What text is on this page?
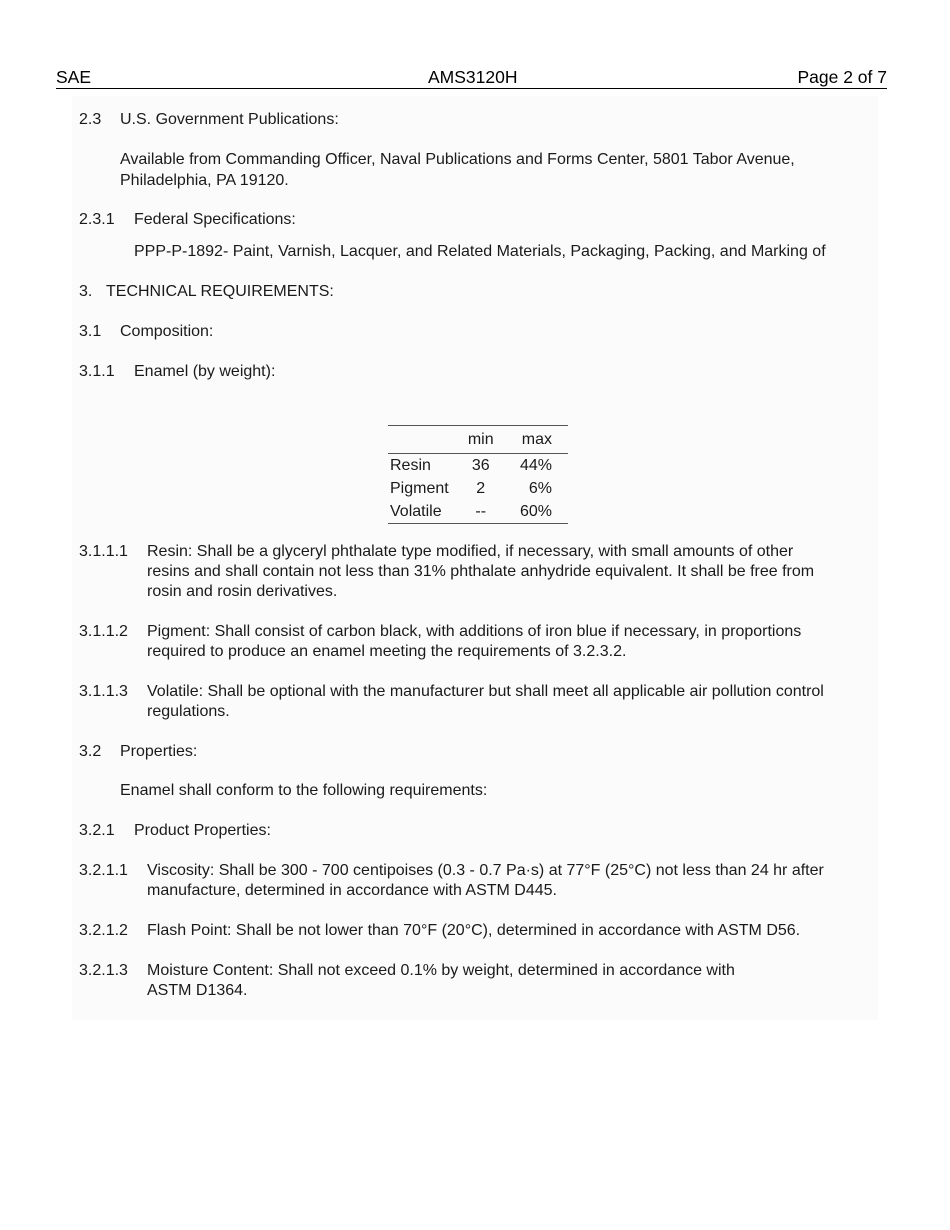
SAE	AMS3120H	Page 2 of 7
2.3 U.S. Government Publications:
Available from Commanding Officer, Naval Publications and Forms Center, 5801 Tabor Avenue,
Philadelphia, PA 19120.
2.3.1 Federal Specifications:
PPP-P-1892- Paint, Varnish, Lacquer, and Related Materials, Packaging, Packing, and Marking of
3. TECHNICAL REQUIREMENTS:
3.1 Composition:
3.1.1 Enamel (by weight):
	min	max
Resin	36	44%
Pigment	2	6%
Volatile	--	60%
3.1.1.1 Resin: Shall be a glyceryl phthalate type modified, if necessary, with small amounts of other
resins and shall contain not less than 31% phthalate anhydride equivalent. It shall be free from
rosin and rosin derivatives.
3.1.1.2 Pigment: Shall consist of carbon black, with additions of iron blue if necessary, in proportions
required to produce an enamel meeting the requirements of 3.2.3.2.
3.1.1.3 Volatile: Shall be optional with the manufacturer but shall meet all applicable air pollution control
regulations.
3.2 Properties:
Enamel shall conform to the following requirements:
3.2.1 Product Properties:
3.2.1.1 Viscosity: Shall be 300 - 700 centipoises (0.3 - 0.7 Pa·s) at 77°F (25°C) not less than 24 hr after
manufacture, determined in accordance with ASTM D445.
3.2.1.2 Flash Point: Shall be not lower than 70°F (20°C), determined in accordance with ASTM D56.
3.2.1.3 Moisture Content: Shall not exceed 0.1% by weight, determined in accordance with
ASTM D1364.
